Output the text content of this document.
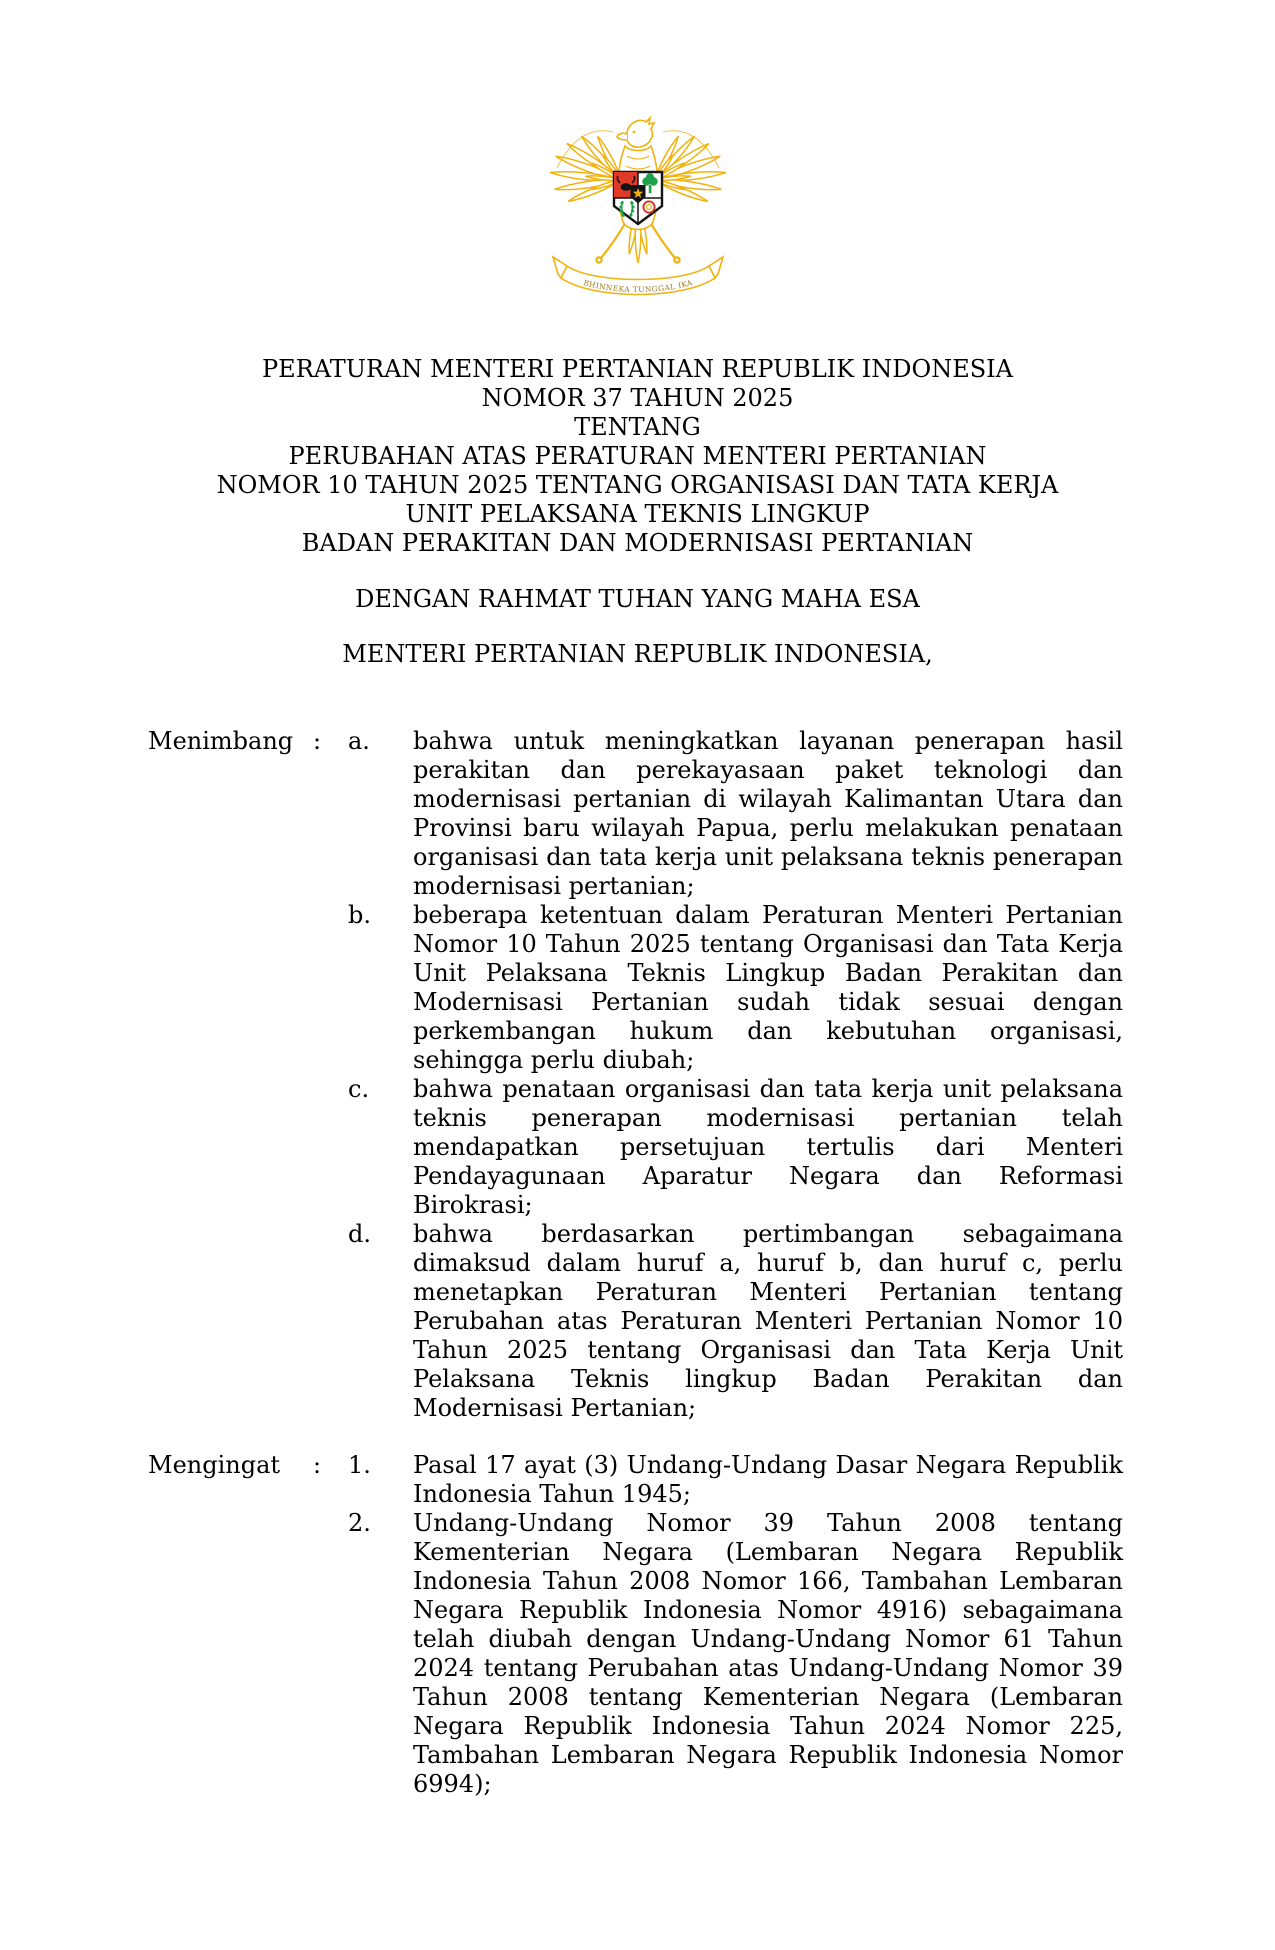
BHINNEKA TUNGGAL IKA
PERATURAN MENTERI PERTANIAN REPUBLIK INDONESIA
NOMOR 37 TAHUN 2025
TENTANG
PERUBAHAN ATAS PERATURAN MENTERI PERTANIAN
NOMOR 10 TAHUN 2025 TENTANG ORGANISASI DAN TATA KERJA
UNIT PELAKSANA TEKNIS LINGKUP
BADAN PERAKITAN DAN MODERNISASI PERTANIAN
DENGAN RAHMAT TUHAN YANG MAHA ESA
MENTERI PERTANIAN REPUBLIK INDONESIA,
Menimbang :	a.	bahwa untuk meningkatkan layanan penerapan hasil perakitan dan perekayasaan paket teknologi dan modernisasi pertanian di wilayah Kalimantan Utara dan Provinsi baru wilayah Papua, perlu melakukan penataan organisasi dan tata kerja unit pelaksana teknis penerapan modernisasi pertanian;
b.	beberapa ketentuan dalam Peraturan Menteri Pertanian Nomor 10 Tahun 2025 tentang Organisasi dan Tata Kerja Unit Pelaksana Teknis Lingkup Badan Perakitan dan Modernisasi Pertanian sudah tidak sesuai dengan perkembangan hukum dan kebutuhan organisasi, sehingga perlu diubah;
c.	bahwa penataan organisasi dan tata kerja unit pelaksana teknis penerapan modernisasi pertanian telah mendapatkan persetujuan tertulis dari Menteri Pendayagunaan Aparatur Negara dan Reformasi Birokrasi;
d.	bahwa berdasarkan pertimbangan sebagaimana dimaksud dalam huruf a, huruf b, dan huruf c, perlu menetapkan Peraturan Menteri Pertanian tentang Perubahan atas Peraturan Menteri Pertanian Nomor 10 Tahun 2025 tentang Organisasi dan Tata Kerja Unit Pelaksana Teknis lingkup Badan Perakitan dan Modernisasi Pertanian;
Mengingat	:	1.	Pasal 17 ayat (3) Undang-Undang Dasar Negara Republik Indonesia Tahun 1945;
2.	Undang-Undang Nomor 39 Tahun 2008 tentang Kementerian Negara (Lembaran Negara Republik Indonesia Tahun 2008 Nomor 166, Tambahan Lembaran Negara Republik Indonesia Nomor 4916) sebagaimana telah diubah dengan Undang-Undang Nomor 61 Tahun 2024 tentang Perubahan atas Undang-Undang Nomor 39 Tahun 2008 tentang Kementerian Negara (Lembaran Negara Republik Indonesia Tahun 2024 Nomor 225, Tambahan Lembaran Negara Republik Indonesia Nomor 6994);
